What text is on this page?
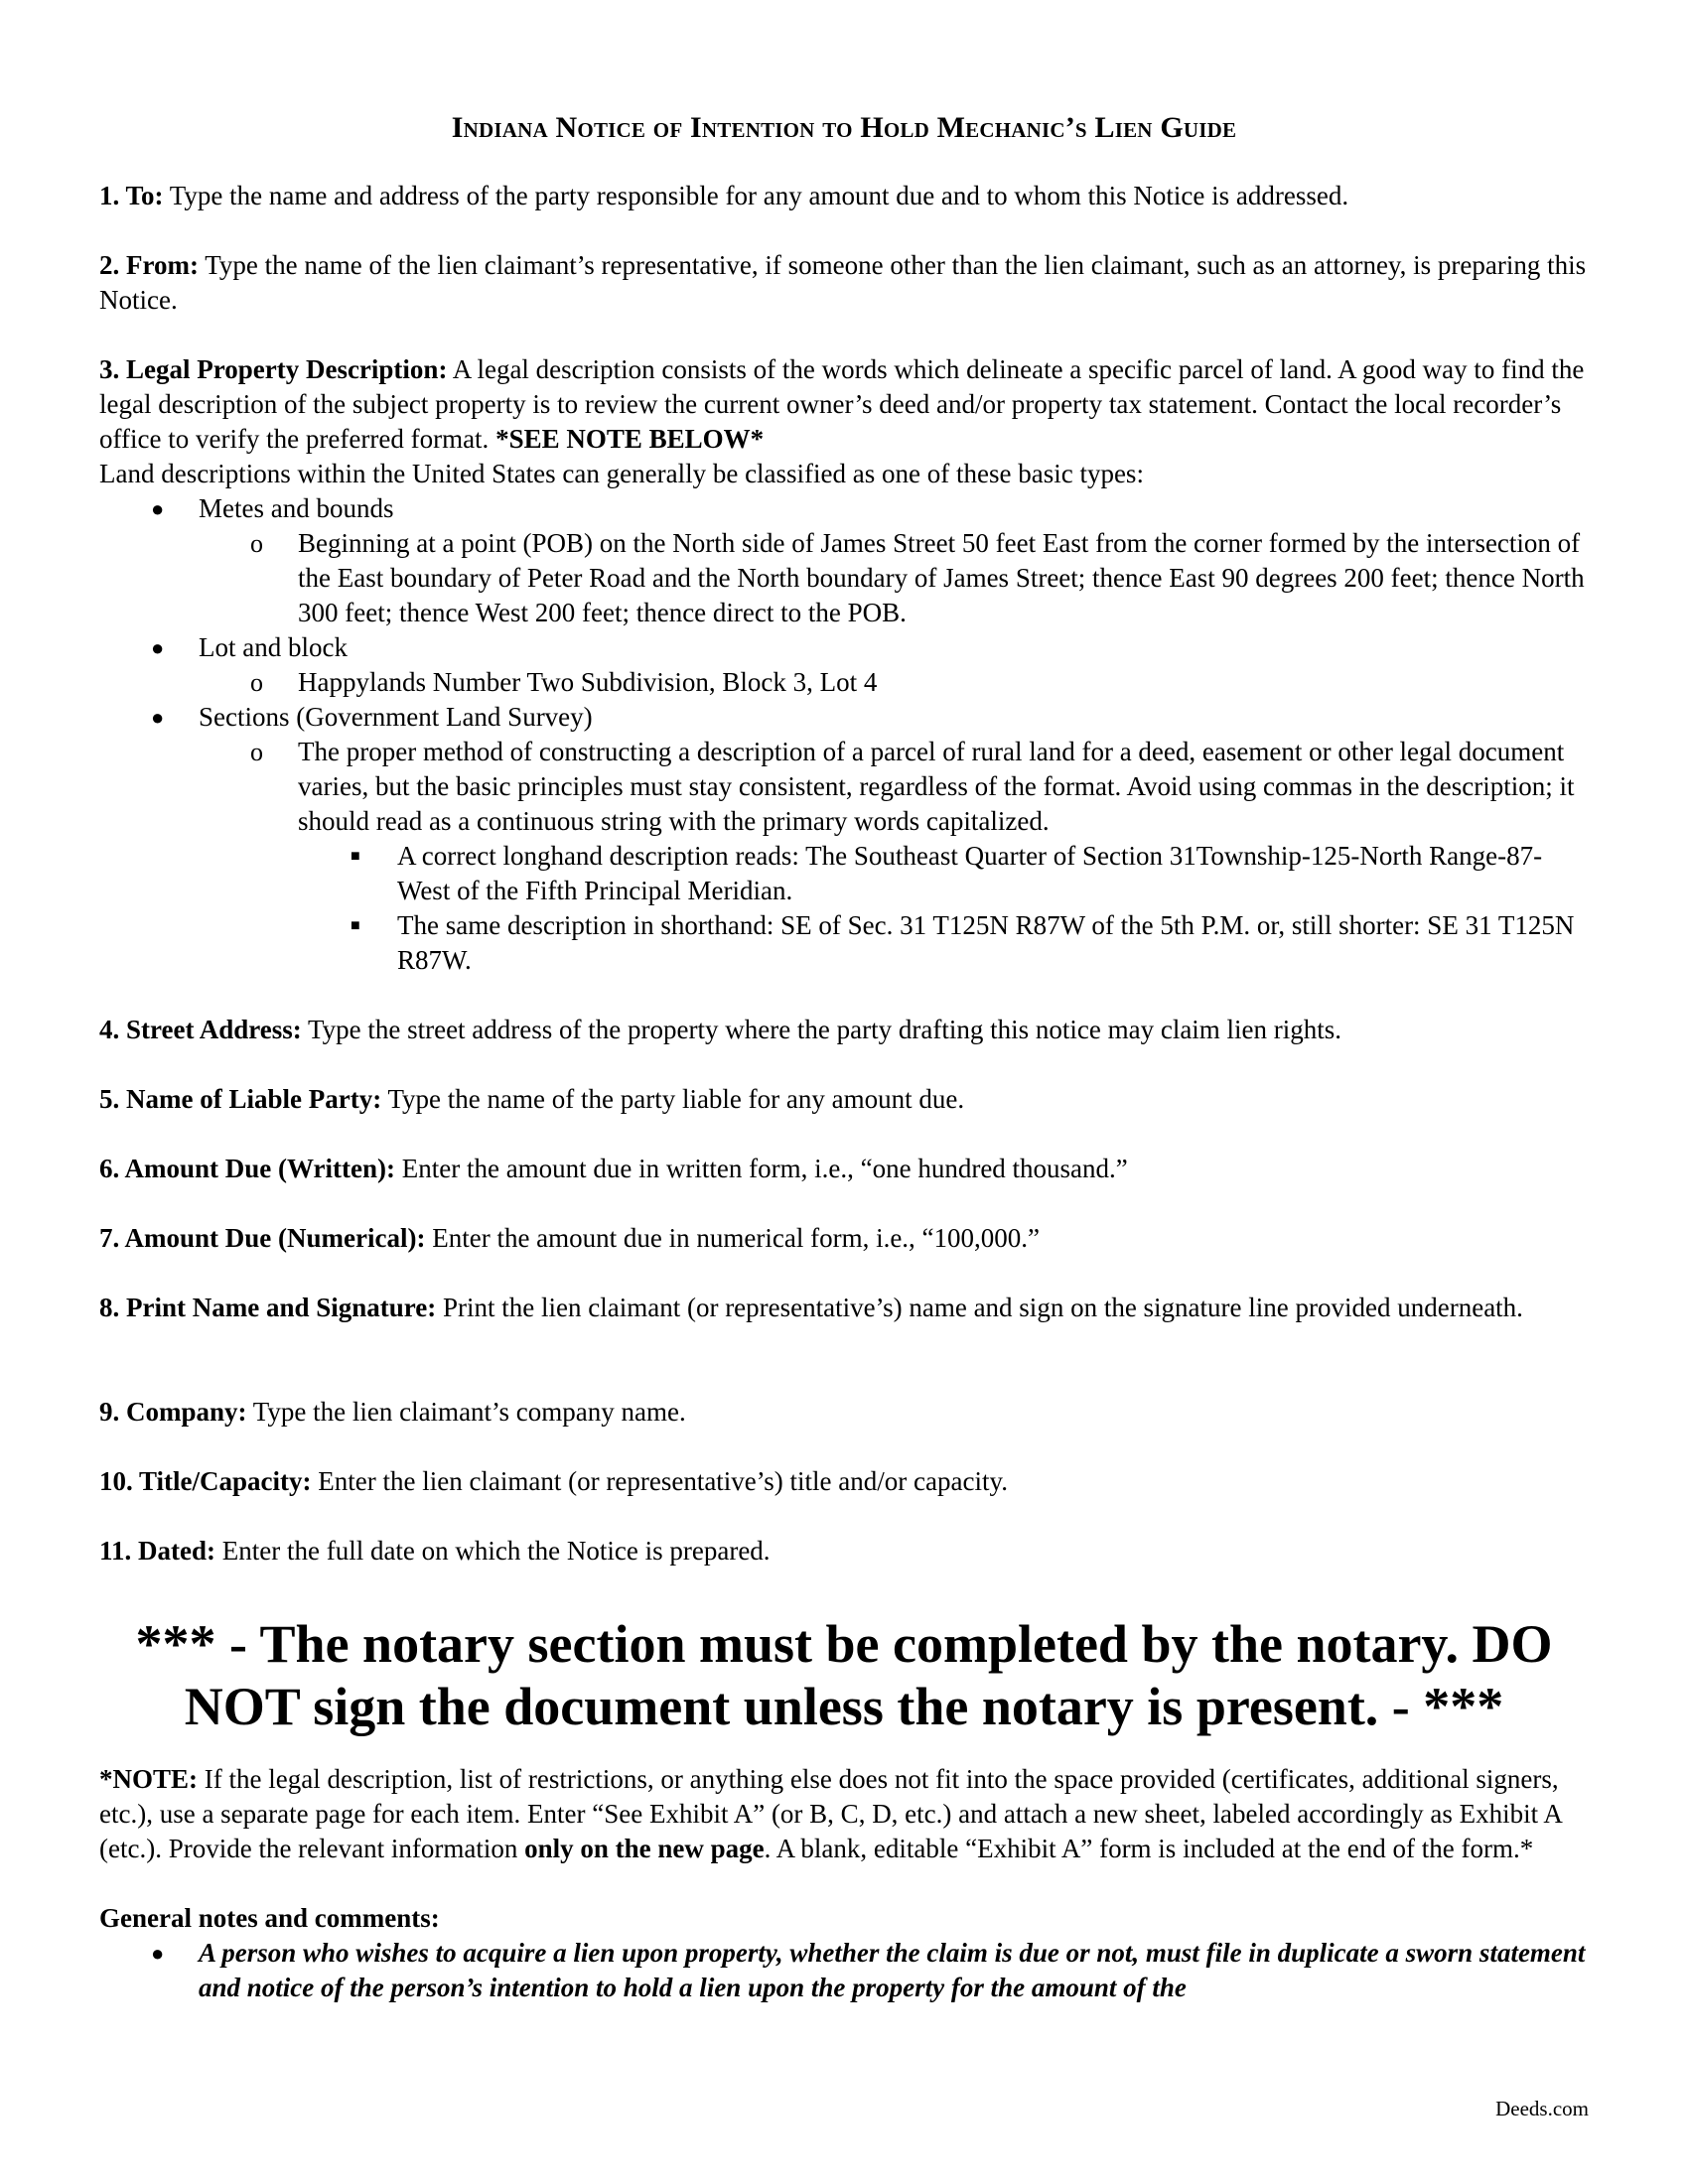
Indiana Notice of Intention to Hold Mechanic’s Lien Guide
1. To: Type the name and address of the party responsible for any amount due and to whom this Notice is addressed.
2. From: Type the name of the lien claimant’s representative, if someone other than the lien claimant, such as an attorney, is preparing this Notice.
3. Legal Property Description: A legal description consists of the words which delineate a specific parcel of land. A good way to find the legal description of the subject property is to review the current owner’s deed and/or property tax statement. Contact the local recorder’s office to verify the preferred format. *SEE NOTE BELOW*
Land descriptions within the United States can generally be classified as one of these basic types:
● Metes and bounds
o Beginning at a point (POB) on the North side of James Street 50 feet East from the corner formed by the intersection of the East boundary of Peter Road and the North boundary of James Street; thence East 90 degrees 200 feet; thence North 300 feet; thence West 200 feet; thence direct to the POB.
● Lot and block
o Happylands Number Two Subdivision, Block 3, Lot 4
● Sections (Government Land Survey)
o The proper method of constructing a description of a parcel of rural land for a deed, easement or other legal document varies, but the basic principles must stay consistent, regardless of the format. Avoid using commas in the description; it should read as a continuous string with the primary words capitalized.
■ A correct longhand description reads: The Southeast Quarter of Section 31Township-125-North Range-87-West of the Fifth Principal Meridian.
■ The same description in shorthand: SE of Sec. 31 T125N R87W of the 5th P.M. or, still shorter: SE 31 T125N R87W.
4. Street Address: Type the street address of the property where the party drafting this notice may claim lien rights.
5. Name of Liable Party: Type the name of the party liable for any amount due.
6. Amount Due (Written): Enter the amount due in written form, i.e., “one hundred thousand.”
7. Amount Due (Numerical): Enter the amount due in numerical form, i.e., “100,000.”
8. Print Name and Signature: Print the lien claimant (or representative’s) name and sign on the signature line provided underneath.
9. Company: Type the lien claimant’s company name.
10. Title/Capacity: Enter the lien claimant (or representative’s) title and/or capacity.
11. Dated: Enter the full date on which the Notice is prepared.
*** - The notary section must be completed by the notary. DO NOT sign the document unless the notary is present. - ***
*NOTE: If the legal description, list of restrictions, or anything else does not fit into the space provided (certificates, additional signers, etc.), use a separate page for each item. Enter “See Exhibit A” (or B, C, D, etc.) and attach a new sheet, labeled accordingly as Exhibit A (etc.). Provide the relevant information only on the new page. A blank, editable “Exhibit A” form is included at the end of the form.*
General notes and comments:
● A person who wishes to acquire a lien upon property, whether the claim is due or not, must file in duplicate a sworn statement and notice of the person’s intention to hold a lien upon the property for the amount of the
Deeds.com
